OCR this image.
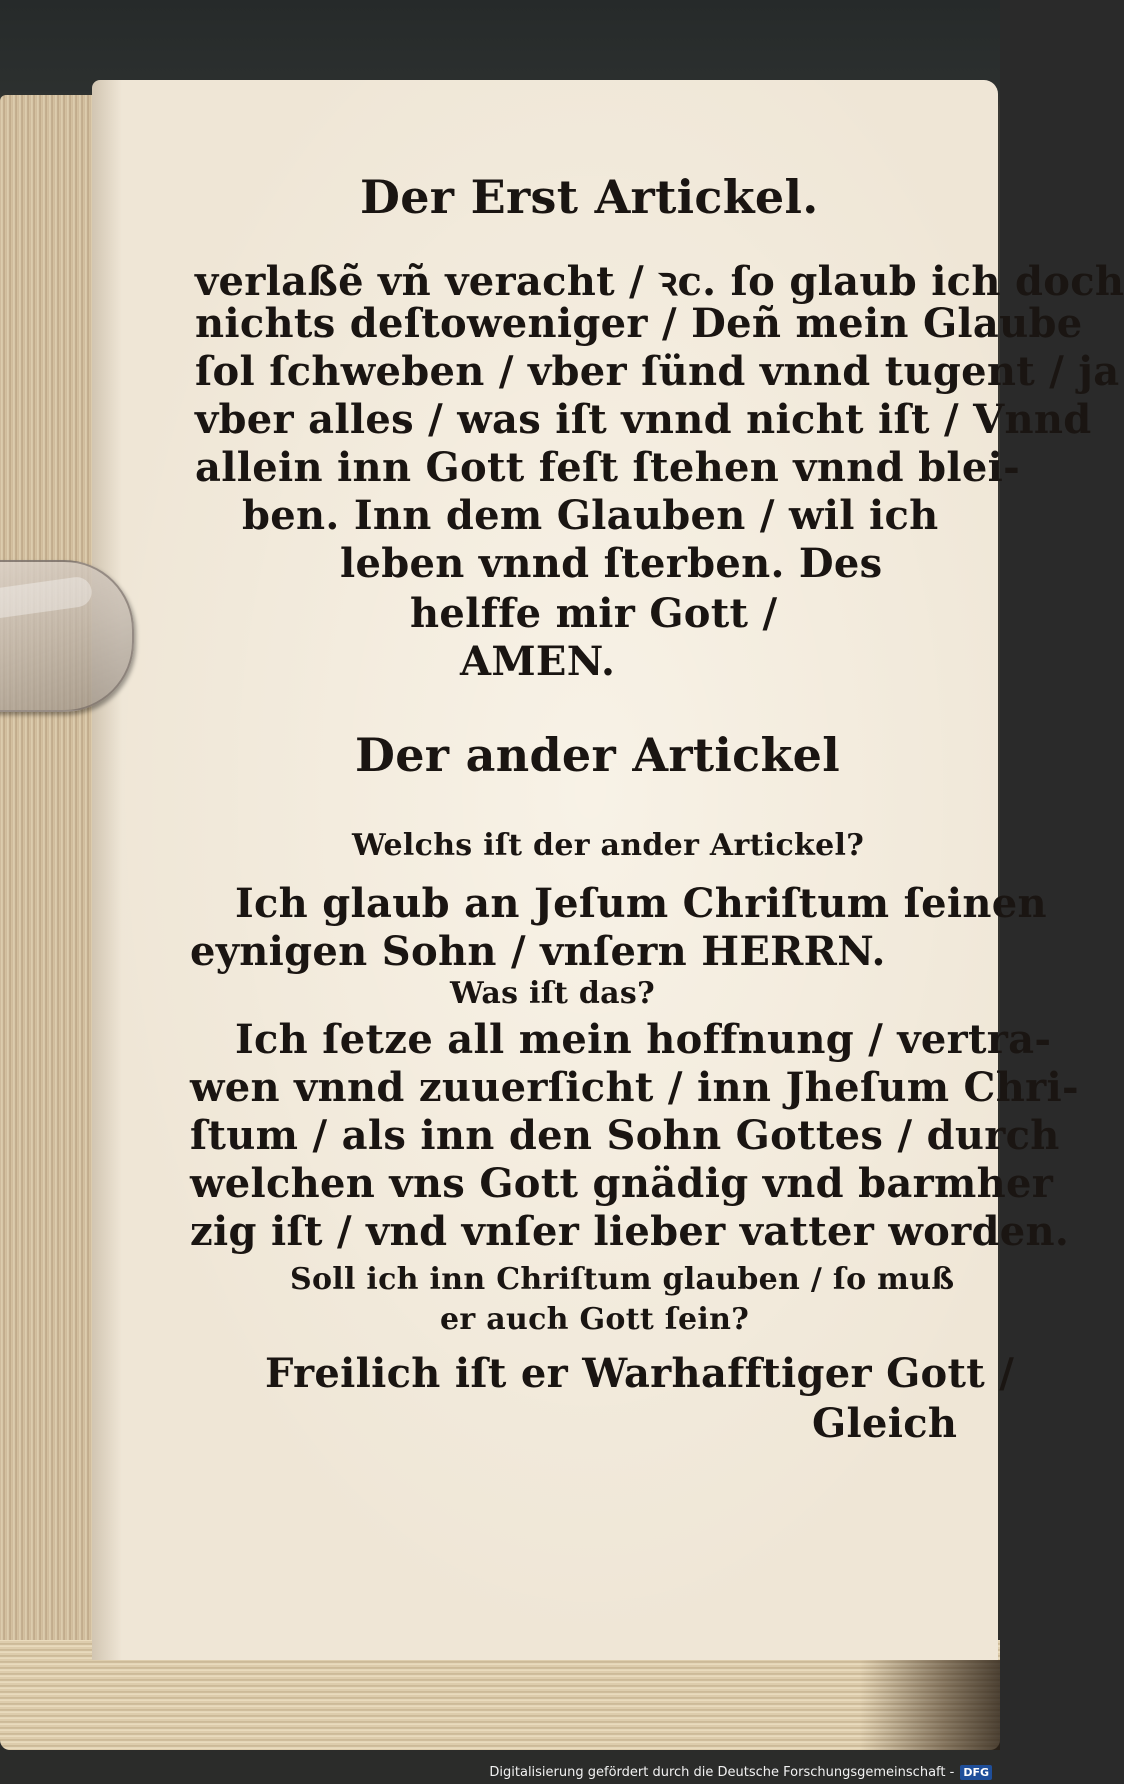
Der Erst Artickel.
verlaßẽ vñ veracht / ꝛc. ſo glaub ich doch
nichts deſtoweniger / Deñ mein Glaube
ſol ſchweben / vber ſünd vnnd tugent / ja
vber alles / was iſt vnnd nicht iſt / Vnnd
allein inn Gott feſt ſtehen vnnd blei-
ben. Inn dem Glauben / wil ich
leben vnnd ſterben. Des
helffe mir Gott /
AMEN.
Der ander Artickel
Welchs iſt der ander Artickel?
Ich glaub an Jeſum Chriſtum ſeinen
eynigen Sohn / vnſern HERRN.
Was iſt das?
Ich ſetze all mein hoffnung / vertra-
wen vnnd zuuerſicht / inn Jheſum Chri-
ſtum / als inn den Sohn Gottes / durch
welchen vns Gott gnädig vnd barmher
zig iſt / vnd vnſer lieber vatter worden.
Soll ich inn Chriſtum glauben / ſo muß
er auch Gott ſein?
Freilich iſt er Warhafftiger Gott /
Gleich
Digitalisierung gefördert durch die Deutsche Forschungsgemeinschaft - DFG
